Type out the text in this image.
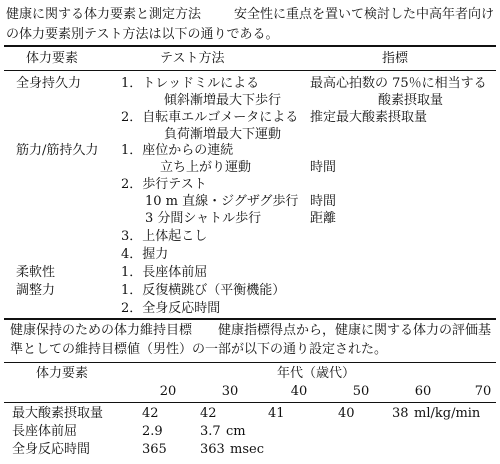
健康に関する体力要素と測定方法	安全性に重点を置いて検討した中高年者向け
の体力要素別テスト方法は以下の通りである。
体力要素	テスト方法	指標
全身持久力	1．トレッドミルによる	最高心拍数の 75％に相当する
傾斜漸増最大下歩行	酸素摂取量
2．自転車エルゴメータによる 推定最大酸素摂取量
負荷漸増最大下運動
筋力/筋持久力 1．座位からの連続
立ち上がり運動	時間
2．歩行テスト
10 m 直線・ジグザグ歩行 時間
3 分間シャトル歩行	距離
3．上体起こし
4．握力
柔軟性	1．長座体前屈
調整力	1．反復横跳び（平衡機能）
2．全身反応時間
健康保持のための体力維持目標 健康指標得点から，健康に関する体力の評価基
準としての維持目標値（男性）の一部が以下の通り設定された。
体力要素	年代（歳代）
20	30	40	50	60	70
最大酸素摂取量	42	42	41	40	38 ml/kg/min
長座体前屈	2.9	3.7 cm
全身反応時間	365	363 msec
